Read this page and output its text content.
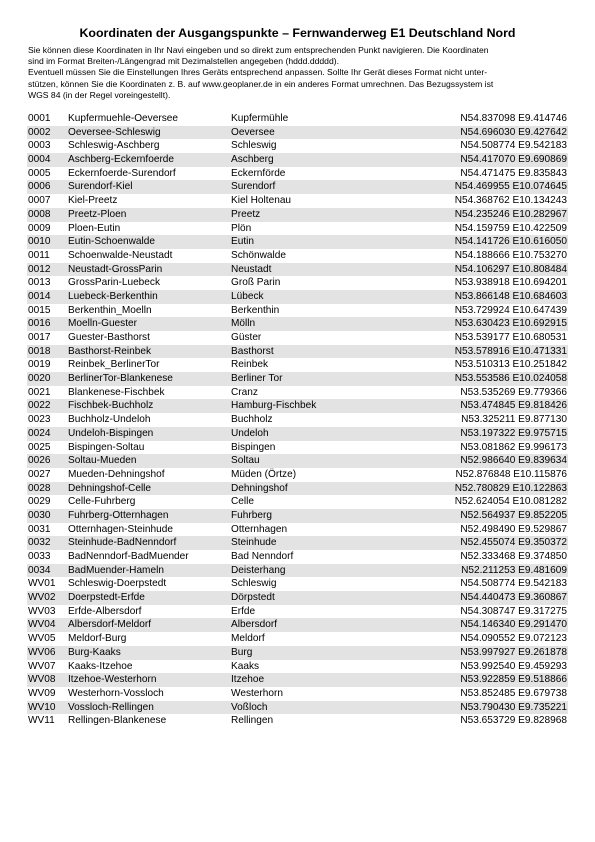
Koordinaten der Ausgangspunkte – Fernwanderweg E1 Deutschland Nord
Sie können diese Koordinaten in Ihr Navi eingeben und so direkt zum entsprechenden Punkt navigieren. Die Koordinaten
sind im Format Breiten-/Längengrad mit Dezimalstellen angegeben (hddd.ddddd).
Eventuell müssen Sie die Einstellungen Ihres Geräts entsprechend anpassen. Sollte Ihr Gerät dieses Format nicht unter-
stützen, können Sie die Koordinaten z. B. auf www.geoplaner.de in ein anderes Format umrechnen. Das Bezugssystem ist
WGS 84 (in der Regel voreingestellt).
0001 Kupfermuehle-Oeversee	Kupfermühle	N54.837098 E9.414746
0002 Oeversee-Schleswig	Oeversee	N54.696030 E9.427642
0003 Schleswig-Aschberg	Schleswig	N54.508774 E9.542183
0004 Aschberg-Eckernfoerde	Aschberg	N54.417070 E9.690869
0005 Eckernfoerde-Surendorf	Eckernförde	N54.471475 E9.835843
0006 Surendorf-Kiel	Surendorf	N54.469955 E10.074645
0007 Kiel-Preetz	Kiel Holtenau	N54.368762 E10.134243
0008 Preetz-Ploen	Preetz	N54.235246 E10.282967
0009 Ploen-Eutin	Plön	N54.159759 E10.422509
0010 Eutin-Schoenwalde	Eutin	N54.141726 E10.616050
0011 Schoenwalde-Neustadt	Schönwalde	N54.188666 E10.753270
0012 Neustadt-GrossParin	Neustadt	N54.106297 E10.808484
0013 GrossParin-Luebeck	Groß Parin	N53.938918 E10.694201
0014 Luebeck-Berkenthin	Lübeck	N53.866148 E10.684603
0015 Berkenthin_Moelln	Berkenthin	N53.729924 E10.647439
0016 Moelln-Guester	Mölln	N53.630423 E10.692915
0017 Guester-Basthorst	Güster	N53.539177 E10.680531
0018 Basthorst-Reinbek	Basthorst	N53.578916 E10.471331
0019 Reinbek_BerlinerTor	Reinbek	N53.510313 E10.251842
0020 BerlinerTor-Blankenese	Berliner Tor	N53.553586 E10.024058
0021 Blankenese-Fischbek	Cranz	N53.535269 E9.779366
0022 Fischbek-Buchholz	Hamburg-Fischbek	N53.474845 E9.818426
0023 Buchholz-Undeloh	Buchholz	N53.325211 E9.877130
0024 Undeloh-Bispingen	Undeloh	N53.197322 E9.975715
0025 Bispingen-Soltau	Bispingen	N53.081862 E9.996173
0026 Soltau-Mueden	Soltau	N52.986640 E9.839634
0027 Mueden-Dehningshof	Müden (Örtze)	N52.876848 E10.115876
0028 Dehningshof-Celle	Dehningshof	N52.780829 E10.122863
0029 Celle-Fuhrberg	Celle	N52.624054 E10.081282
0030 Fuhrberg-Otternhagen	Fuhrberg	N52.564937 E9.852205
0031 Otternhagen-Steinhude	Otternhagen	N52.498490 E9.529867
0032 Steinhude-BadNenndorf	Steinhude	N52.455074 E9.350372
0033 BadNenndorf-BadMuender	Bad Nenndorf	N52.333468 E9.374850
0034 BadMuender-Hameln	Deisterhang	N52.211253 E9.481609
WV01 Schleswig-Doerpstedt	Schleswig	N54.508774 E9.542183
WV02 Doerpstedt-Erfde	Dörpstedt	N54.440473 E9.360867
WV03 Erfde-Albersdorf	Erfde	N54.308747 E9.317275
WV04 Albersdorf-Meldorf	Albersdorf	N54.146340 E9.291470
WV05 Meldorf-Burg	Meldorf	N54.090552 E9.072123
WV06 Burg-Kaaks	Burg	N53.997927 E9.261878
WV07 Kaaks-Itzehoe	Kaaks	N53.992540 E9.459293
WV08 Itzehoe-Westerhorn	Itzehoe	N53.922859 E9.518866
WV09 Westerhorn-Vossloch	Westerhorn	N53.852485 E9.679738
WV10 Vossloch-Rellingen	Voßloch	N53.790430 E9.735221
WV11 Rellingen-Blankenese	Rellingen	N53.653729 E9.828968
